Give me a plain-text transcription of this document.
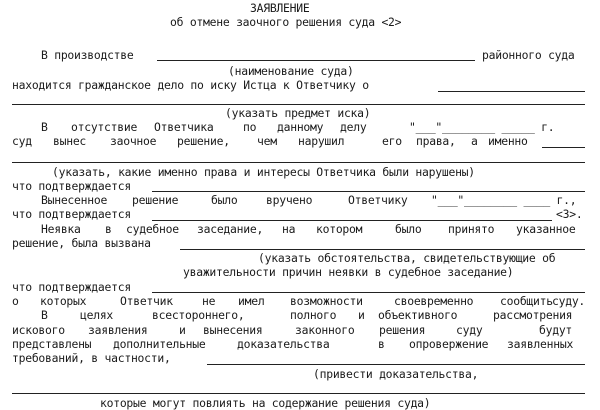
ЗАЯВЛЕНИЕ
об отмене заочного решения суда <2>
В производстве	районного суда
(наименование суда)
находится гражданское дело по иску Истца к Ответчику о
(указать предмет иска)
В отсутствие Ответчика	по данному делу	"___"________ _____ г.
суд вынес заочное решение, чем нарушил	его права, а именно
(указать, какие именно права и интересы Ответчика были нарушены)
что подтверждается
Вынесенное решение	было	вручено	Ответчику "___"________ ____ г.,
что подтверждается	<3>.
Неявка в судебное заседание, на котором	было принято указанное
решение, была вызвана
(указать обстоятельства, свидетельствующие об
уважительности причин неявки в судебное заседание)
что подтверждается
о которых	Ответчик	не имел возможности	своевременно сообщить суду.
В	целях	всестороннего,	полного и объективного	рассмотрения
искового заявления	и вынесения	законного решения	суду	будут
представлены дополнительные	доказательства	в опровержение заявленных
требований, в частности,
(привести доказательства,
которые могут повлиять на содержание решения суда)
